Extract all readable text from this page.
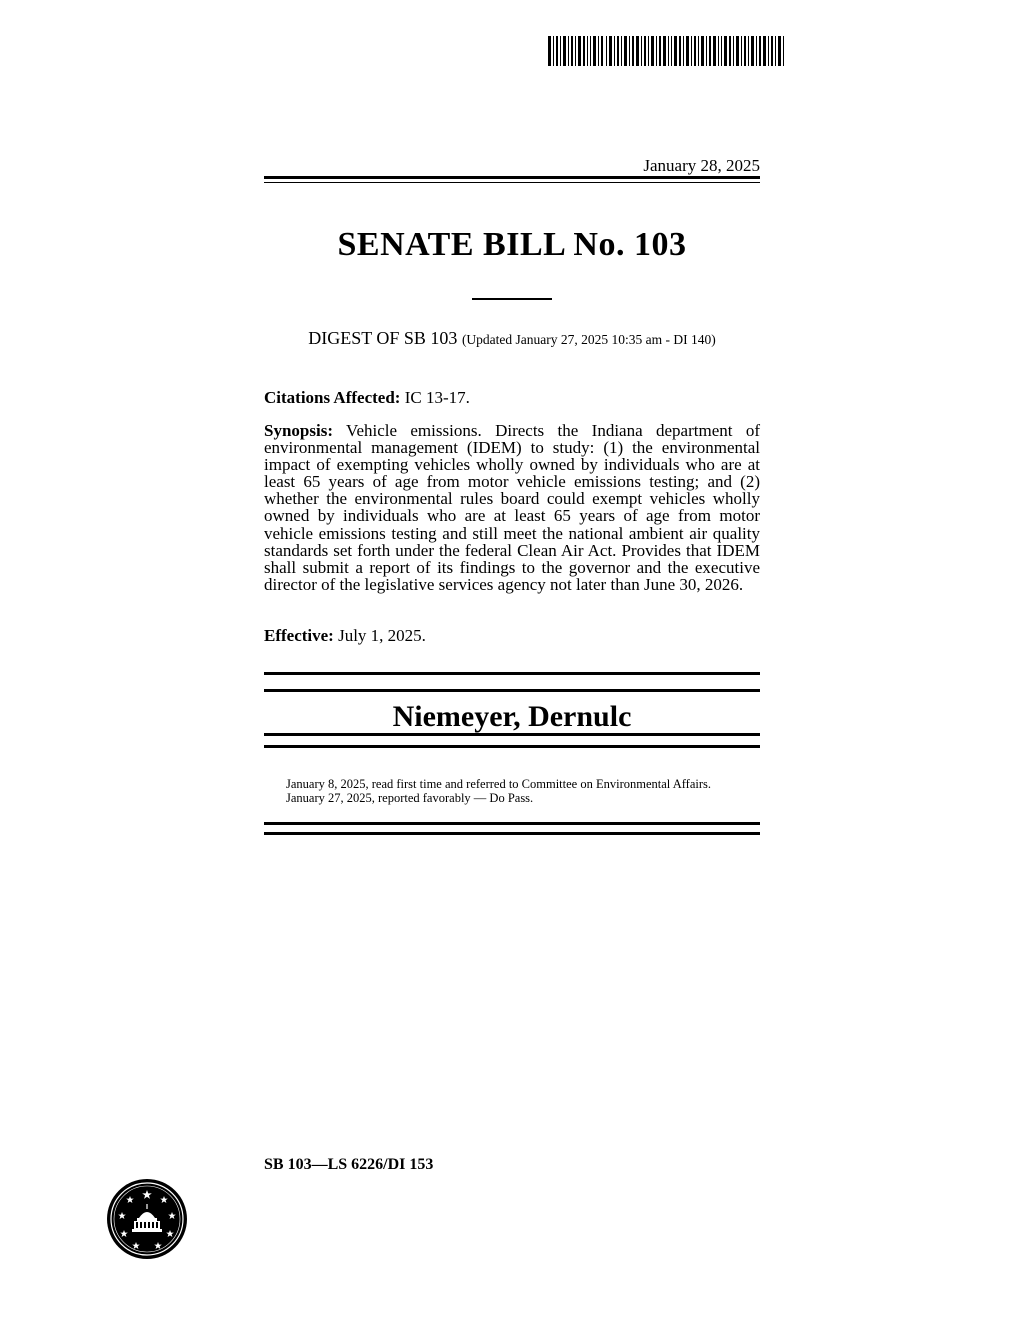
January 28, 2025
SENATE BILL No. 103
DIGEST OF SB 103 (Updated January 27, 2025 10:35 am - DI 140)
Citations Affected: IC 13-17.
Synopsis: Vehicle emissions. Directs the Indiana department of environmental management (IDEM) to study: (1) the environmental impact of exempting vehicles wholly owned by individuals who are at least 65 years of age from motor vehicle emissions testing; and (2) whether the environmental rules board could exempt vehicles wholly owned by individuals who are at least 65 years of age from motor vehicle emissions testing and still meet the national ambient air quality standards set forth under the federal Clean Air Act. Provides that IDEM shall submit a report of its findings to the governor and the executive director of the legislative services agency not later than June 30, 2026.
Effective: July 1, 2025.
Niemeyer, Dernulc
January 8, 2025, read first time and referred to Committee on Environmental Affairs.
January 27, 2025, reported favorably — Do Pass.
SB 103—LS 6226/DI 153
